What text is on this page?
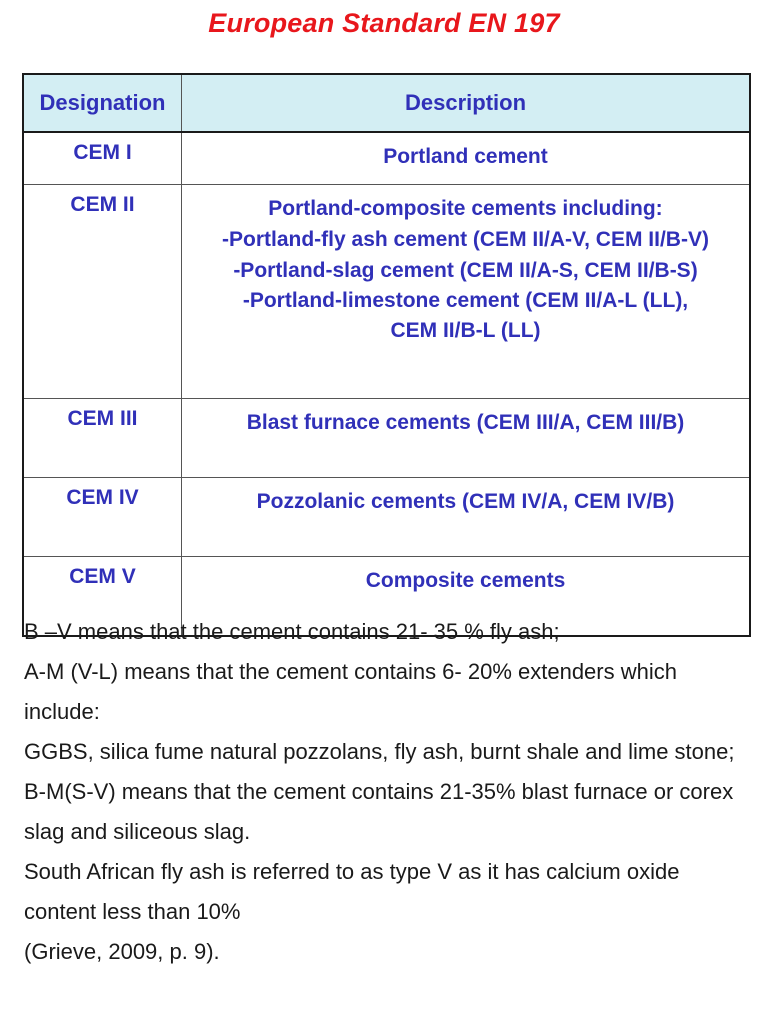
European Standard EN 197
Designation	Description
CEM I	Portland cement
CEM II	Portland-composite cements including:
-Portland-fly ash cement (CEM II/A-V, CEM II/B-V)
-Portland-slag cement (CEM II/A-S, CEM II/B-S)
-Portland-limestone cement (CEM II/A-L (LL),
CEM II/B-L (LL)

CEM III	Blast furnace cements (CEM III/A, CEM III/B)
CEM IV	Pozzolanic cements (CEM IV/A, CEM IV/B)
CEM V	Composite cements

B –V means that the cement contains 21- 35 % fly ash;

A-M (V-L) means that the cement contains 6- 20% extenders which include:

GGBS, silica fume natural pozzolans, fly ash, burnt shale and lime stone;

B-M(S-V) means that the cement contains 21-35% blast furnace or corex slag and siliceous slag.

South African fly ash is referred to as type V as it has calcium oxide content less than 10%

(Grieve, 2009, p. 9).
